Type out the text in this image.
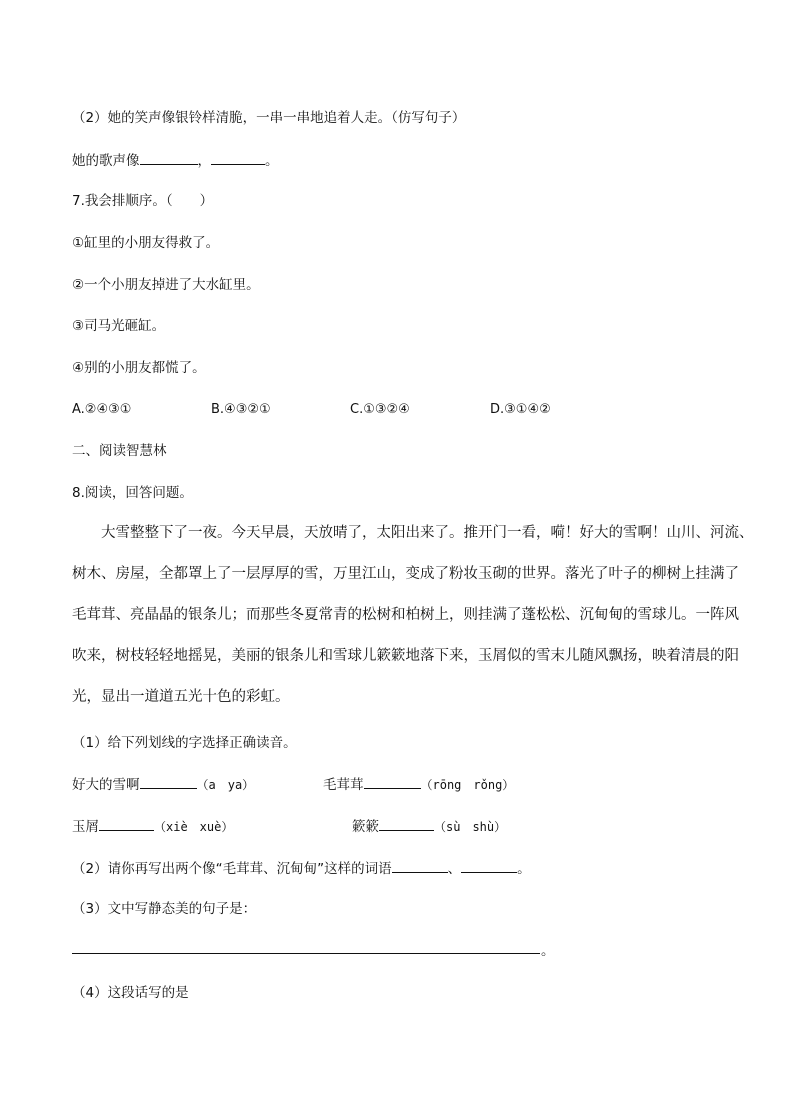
（2）她的笑声像银铃样清脆，一串一串地追着人走。（仿写句子）
她的歌声像	，	。
7.我会排顺序。（　　）
①缸里的小朋友得救了。
②一个小朋友掉进了大水缸里。
③司马光砸缸。
④别的小朋友都慌了。
A.②④③①	B.④③②①	C.①③②④	D.③①④②
二、阅读智慧林
8.阅读，回答问题。
大雪整整下了一夜。今天早晨，天放晴了，太阳出来了。推开门一看，嗬！好大的雪啊！山川、河流、
树木、房屋，全都罩上了一层厚厚的雪，万里江山，变成了粉妆玉砌的世界。落光了叶子的柳树上挂满了
毛茸茸、亮晶晶的银条儿；而那些冬夏常青的松树和柏树上，则挂满了蓬松松、沉甸甸的雪球儿。一阵风
吹来，树枝轻轻地摇晃，美丽的银条儿和雪球儿簌簌地落下来，玉屑似的雪末儿随风飘扬，映着清晨的阳
光，显出一道道五光十色的彩虹。
（1）给下列划线的字选择正确读音。
好大的雪啊	（a　ya）	毛茸茸	（rōng　rǒng）
玉屑	（xiè　xuè）	簌簌	（sù　shù）
（2）请你再写出两个像“毛茸茸、沉甸甸”这样的词语	、	。
（3）文中写静态美的句子是：
。
（4）这段话写的是
